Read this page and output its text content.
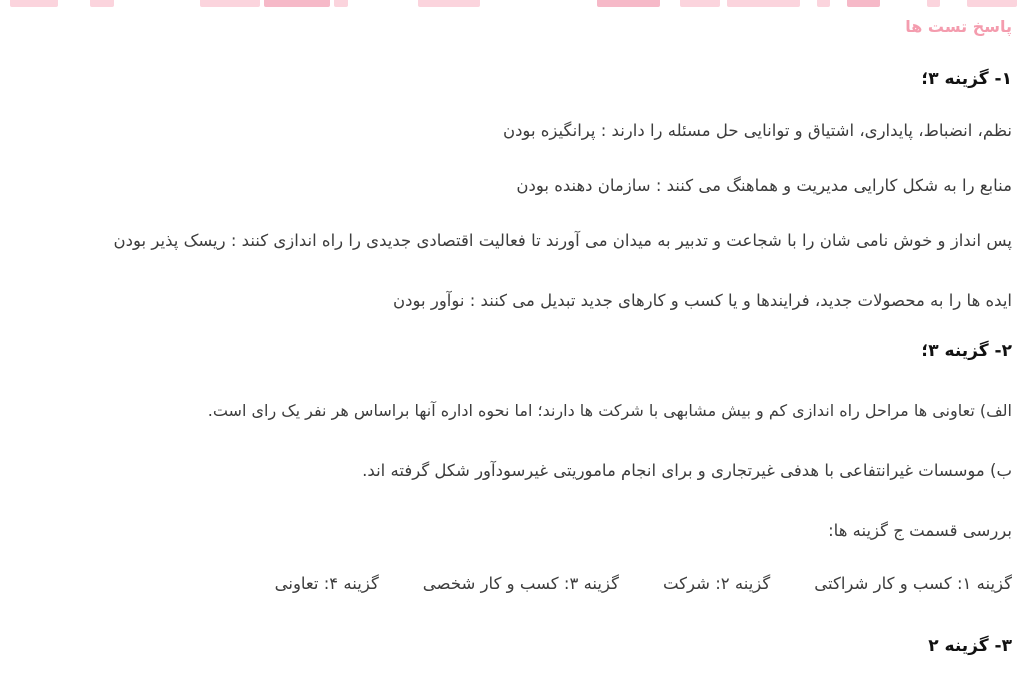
پاسخ تست ها
۱- گزینه ۳؛
نظم، انضباط، پایداری، اشتیاق و توانایی حل مسئله را دارند : پرانگیزه بودن
منابع را به شکل کارایی مدیریت و هماهنگ می کنند : سازمان دهنده بودن
پس انداز و خوش نامی شان را با شجاعت و تدبیر به میدان می آورند تا فعالیت اقتصادی جدیدی را راه اندازی کنند : ریسک پذیر بودن
ایده ها را به محصولات جدید، فرایندها و یا کسب و کارهای جدید تبدیل می کنند : نوآور بودن
۲- گزینه ۳؛
الف) تعاونی ها مراحل راه اندازی کم و بیش مشابهی با شرکت ها دارند؛ اما نحوه اداره آنها براساس هر نفر یک رای است.
ب) موسسات غیرانتفاعی با هدفی غیرتجاری و برای انجام ماموریتی غیرسودآور شکل گرفته اند.
بررسی قسمت ج گزینه ها:
گزینه ۱: کسب و کار شراکتی
گزینه ۲: شرکت
گزینه ۳: کسب و کار شخصی
گزینه ۴: تعاونی
۳- گزینه ۲
